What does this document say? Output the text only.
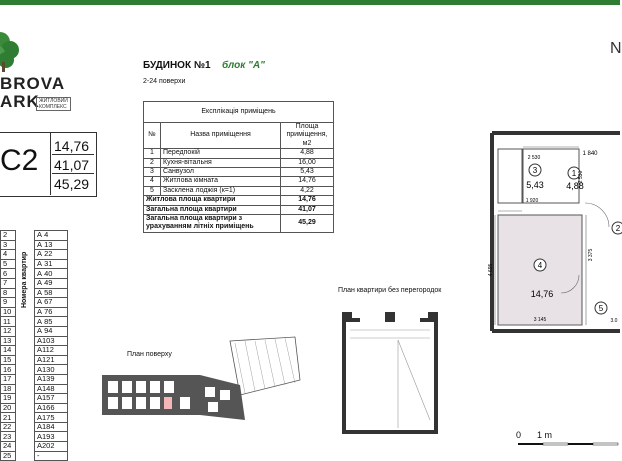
BROVA
ARK ЖИТЛОВИЙ
КОМПЛЕКС
C2 14,76
41,07
45,29
2		А 4
3		А 13
4		А 22
5		А 31
6		А 40
7		А 49
8		А 58
9		А 67
10		А 76
11		А 85
12		А 94
13		А103
14		А112
15		А121
16		А130
17		А139
18		А148
19		А157
20		А166
21		А175
22		А184
23		А193
24		А202
25		-
Номера квартир
БУДИНОК №1 блок "А"
2-24 поверхи
Експлікація приміщень		
№	Назва приміщення	Площа приміщення, м2
1	Передпокій	4,88
2	Кухня-вітальня	16,00
3	Санвузол	5,43
4	Житлова кімната	14,76
5	Засклена лоджія (к=1)	4,22
Житлова площа квартири		14,76
Загальна площа квартири		41,07
Загальна площа квартири з урахуванням літніх приміщень		45,29
N
1
2
3
4
5
4,88
5,43
14,76
1 840
2 530
1 920
2 530
4 695
3 375
3 145	3.0
План квартири без перегородок
План поверху
0 1 m
